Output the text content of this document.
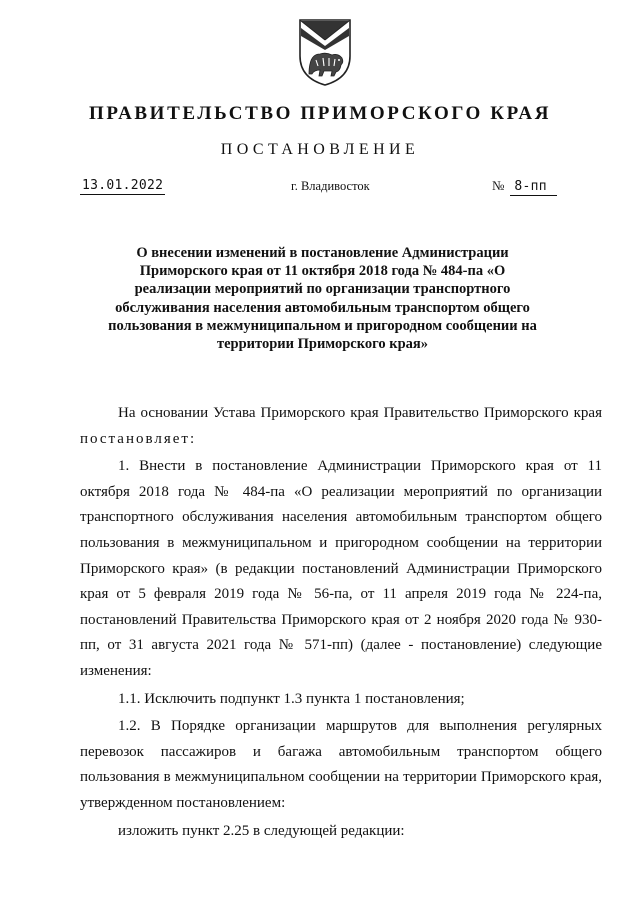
ПРАВИТЕЛЬСТВО ПРИМОРСКОГО КРАЯ
ПОСТАНОВЛЕНИЕ
13.01.2022	г. Владивосток	№ 8-пп
О внесении изменений в постановление Администрации Приморского края от 11 октября 2018 года № 484-па «О реализации мероприятий по организации транспортного обслуживания населения автомобильным транспортом общего пользования в межмуниципальном и пригородном сообщении на территории Приморского края»

На основании Устава Приморского края Правительство Приморского края постановляет:

1. Внести в постановление Администрации Приморского края от 11 октября 2018 года № 484-па «О реализации мероприятий по организации транспортного обслуживания населения автомобильным транспортом общего пользования в межмуниципальном и пригородном сообщении на территории Приморского края» (в редакции постановлений Администрации Приморского края от 5 февраля 2019 года № 56-па, от 11 апреля 2019 года № 224-па, постановлений Правительства Приморского края от 2 ноября 2020 года № 930-пп, от 31 августа 2021 года № 571-пп) (далее - постановление) следующие изменения:

1.1. Исключить подпункт 1.3 пункта 1 постановления;

1.2. В Порядке организации маршрутов для выполнения регулярных перевозок пассажиров и багажа автомобильным транспортом общего пользования в межмуниципальном сообщении на территории Приморского края, утвержденном постановлением:

изложить пункт 2.25 в следующей редакции:
